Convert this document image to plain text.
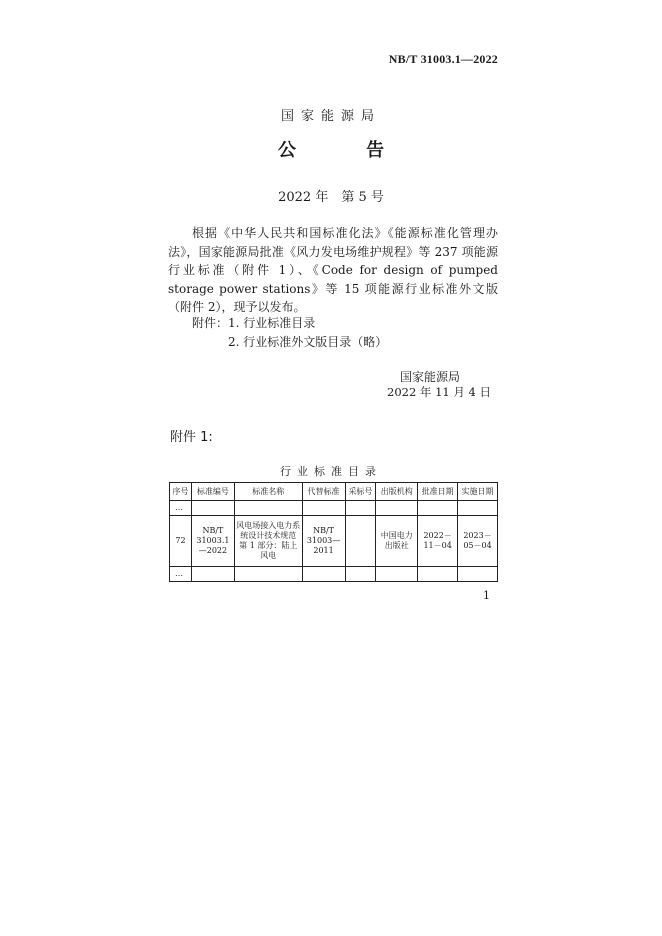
NB/T 31003.1—2022
国家能源局
公 告
2022 年　第 5 号

根据《中华人民共和国标准化法》《能源标准化管理办法》，国家能源局批准《风力发电场维护规程》等 237 项能源行业标准（附件 1）、《Code for design of pumped storage power stations》等 15 项能源行业标准外文版（附件 2），现予以发布。

附件：1. 行业标准目录
2. 行业标准外文版目录（略）
国家能源局
2022 年 11 月 4 日
附件 1:
行业标准目录
序号	标准编号	标准名称	代替标准	采标号	出版机构	批准日期	实施日期
…							
72	NB/T 31003.1—2022	风电场接入电力系统设计技术规范　第 1 部分：陆上风电	NB/T 31003—2011		中国电力出版社	2022－11－04	2023－05－04
…							
1
